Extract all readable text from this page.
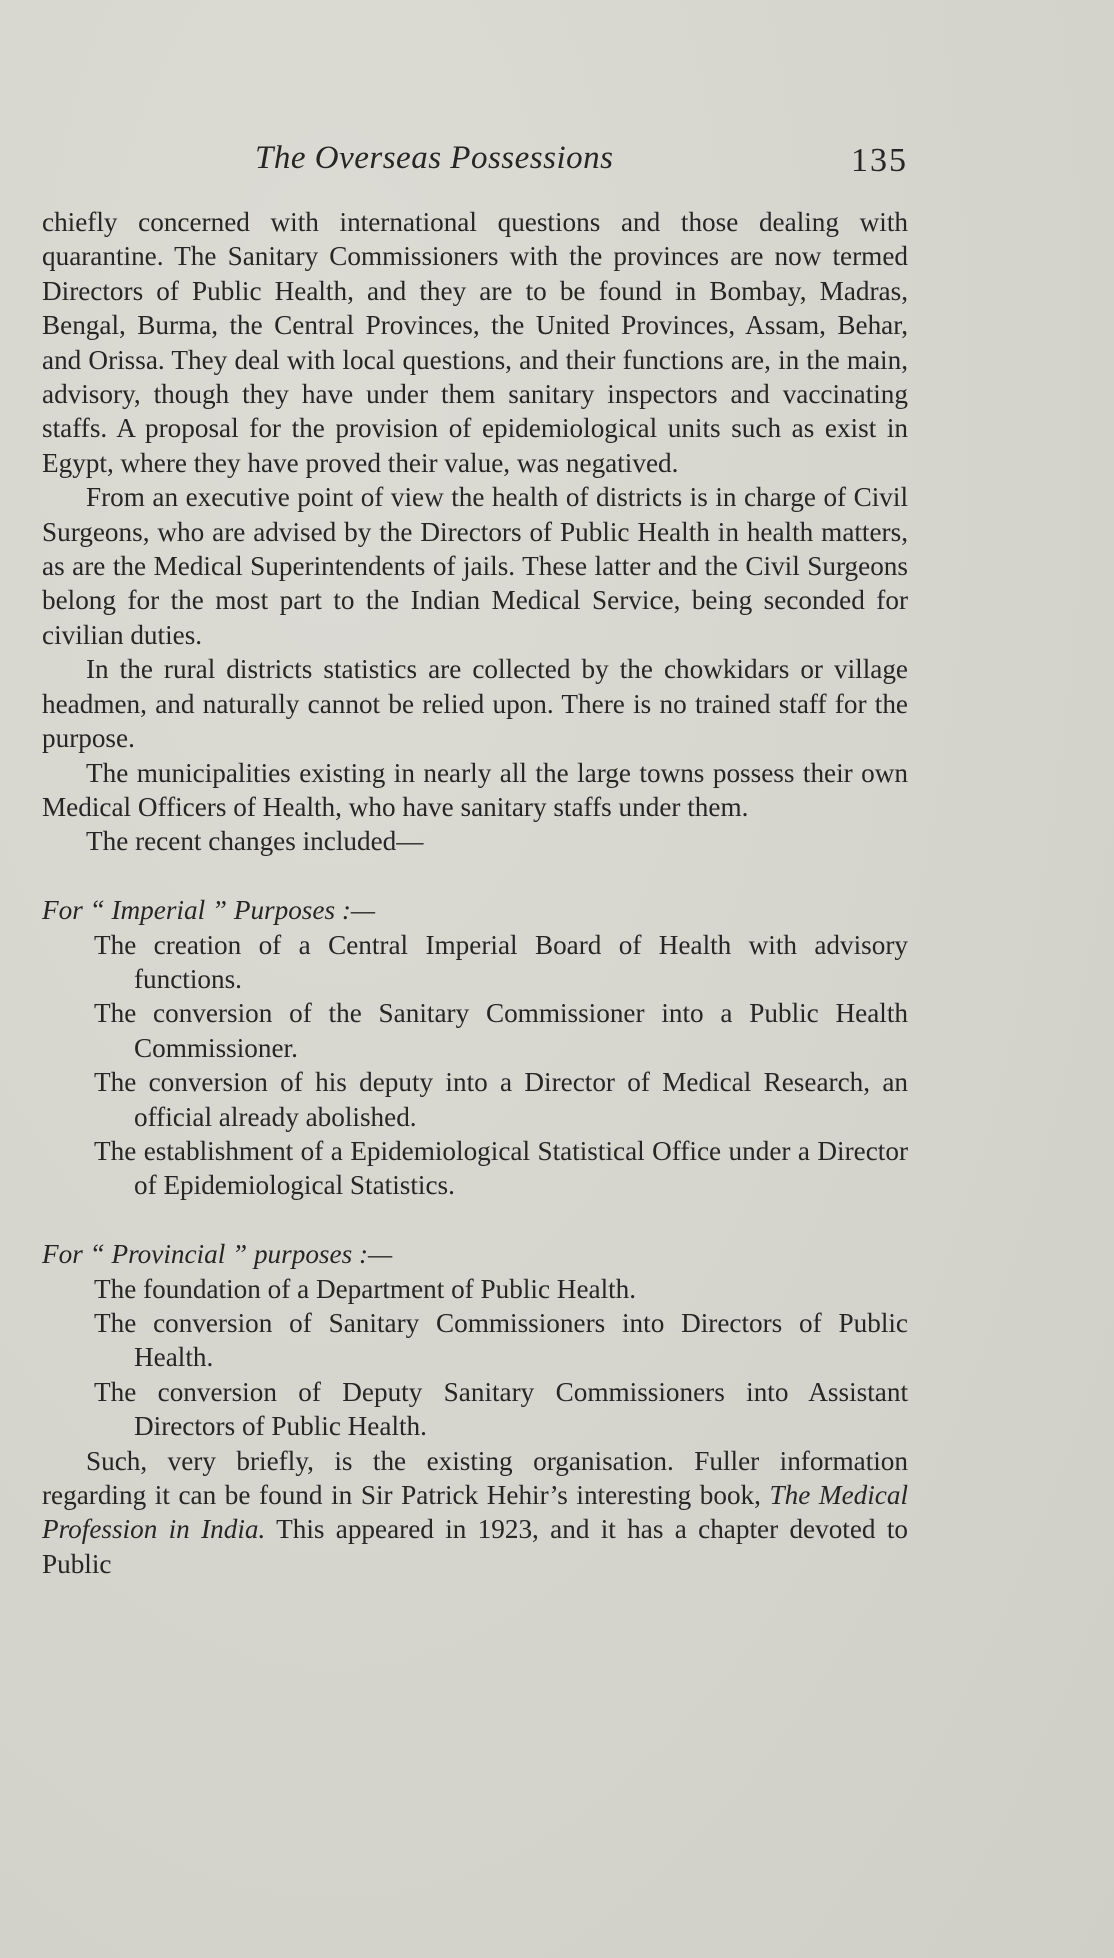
The Overseas Possessions	135

chiefly concerned with international questions and those dealing with quarantine. The Sanitary Commissioners with the provinces are now termed Directors of Public Health, and they are to be found in Bombay, Madras, Bengal, Burma, the Central Provinces, the United Provinces, Assam, Behar, and Orissa. They deal with local questions, and their functions are, in the main, advisory, though they have under them sanitary inspectors and vaccinating staffs. A proposal for the provision of epidemiological units such as exist in Egypt, where they have proved their value, was negatived.

From an executive point of view the health of districts is in charge of Civil Surgeons, who are advised by the Directors of Public Health in health matters, as are the Medical Superintendents of jails. These latter and the Civil Surgeons belong for the most part to the Indian Medical Service, being seconded for civilian duties.

In the rural districts statistics are collected by the chowkidars or village headmen, and naturally cannot be relied upon. There is no trained staff for the purpose.

The municipalities existing in nearly all the large towns possess their own Medical Officers of Health, who have sanitary staffs under them.

The recent changes included—

For “ Imperial ” Purposes :—

The creation of a Central Imperial Board of Health with advisory functions.
The conversion of the Sanitary Commissioner into a Public Health Commissioner.
The conversion of his deputy into a Director of Medical Research, an official already abolished.
The establishment of a Epidemiological Statistical Office under a Director of Epidemiological Statistics.

For “ Provincial ” purposes :—

The foundation of a Department of Public Health.
The conversion of Sanitary Commissioners into Directors of Public Health.
The conversion of Deputy Sanitary Commissioners into Assistant Directors of Public Health.

Such, very briefly, is the existing organisation. Fuller information regarding it can be found in Sir Patrick Hehir’s interesting book, The Medical Profession in India. This appeared in 1923, and it has a chapter devoted to Public
